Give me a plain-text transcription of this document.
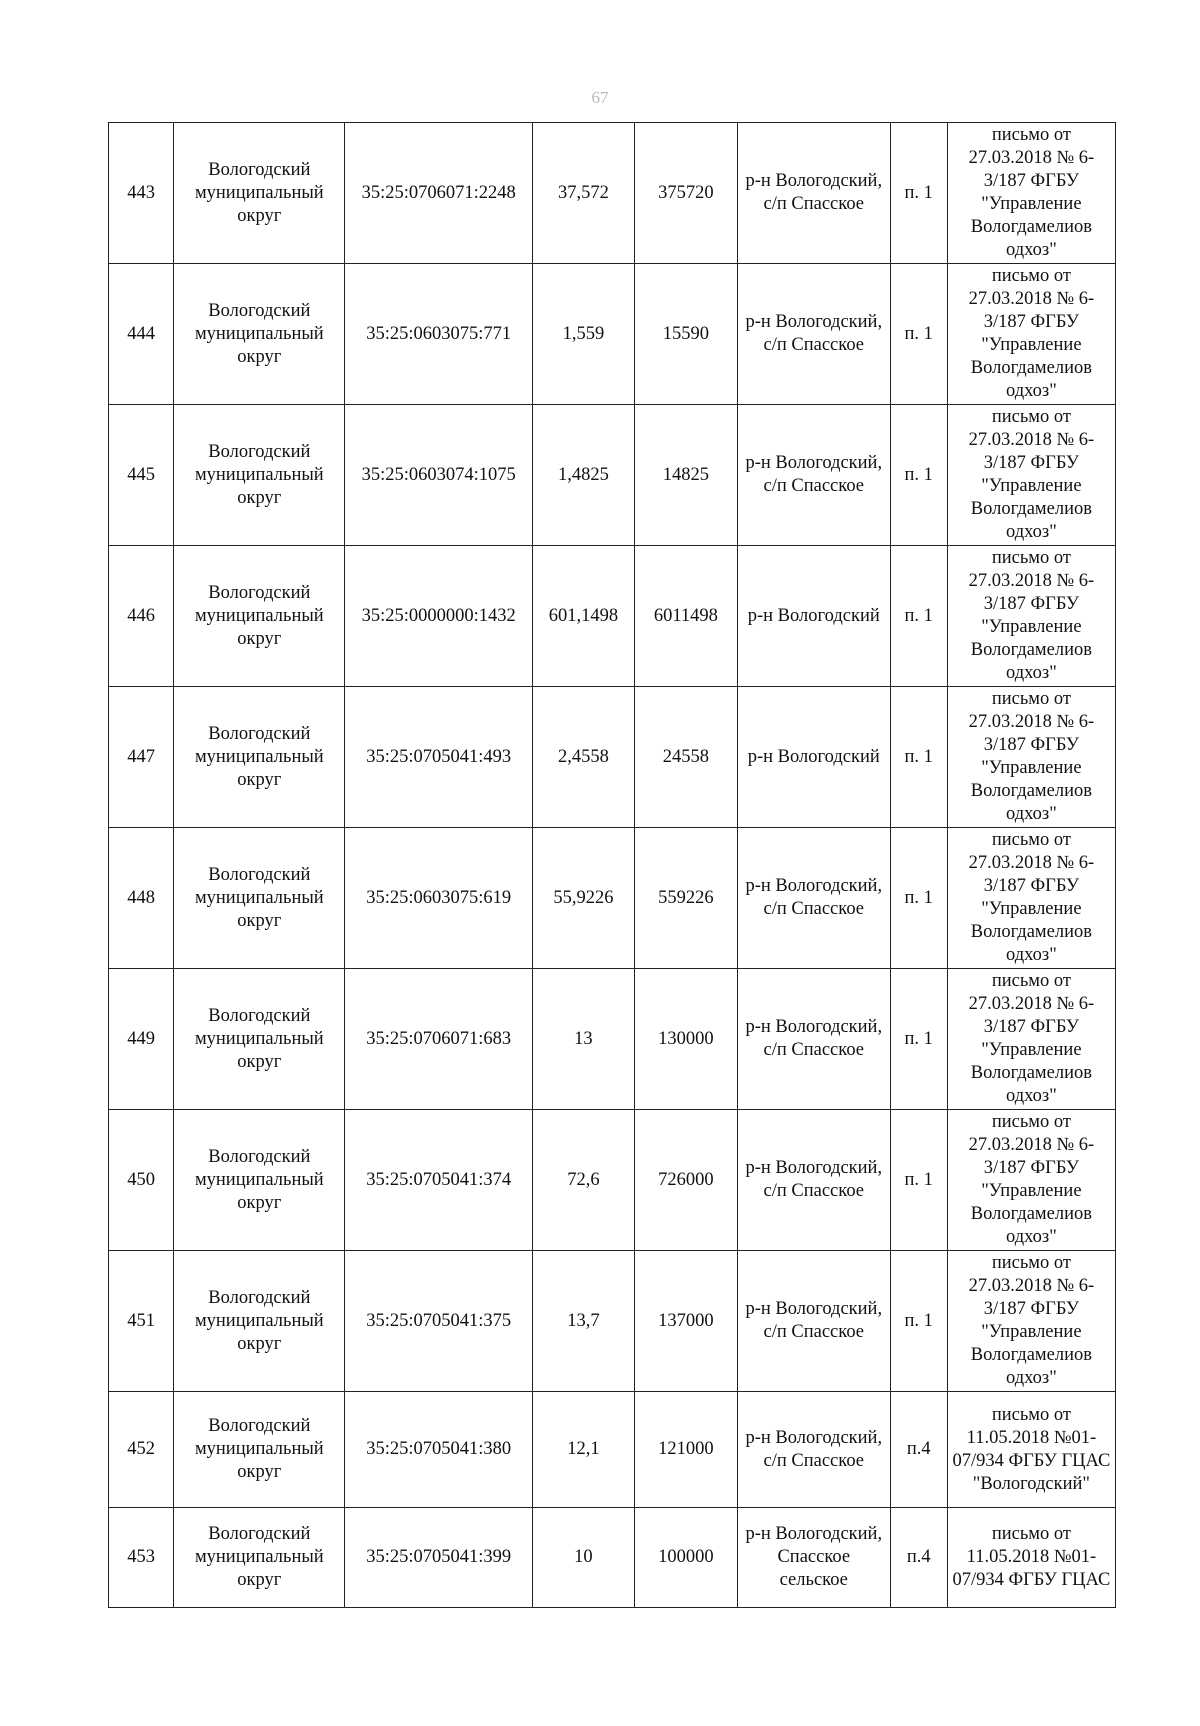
67
443	Вологодский муниципальный округ	35:25:0706071:2248	37,572	375720	р-н Вологодский, с/п Спасское	п. 1	письмо от 27.03.2018 № 6-3/187 ФГБУ "Управление Вологдамелиов одхоз"
444	Вологодский муниципальный округ	35:25:0603075:771	1,559	15590	р-н Вологодский, с/п Спасское	п. 1	письмо от 27.03.2018 № 6-3/187 ФГБУ "Управление Вологдамелиов одхоз"
445	Вологодский муниципальный округ	35:25:0603074:1075	1,4825	14825	р-н Вологодский, с/п Спасское	п. 1	письмо от 27.03.2018 № 6-3/187 ФГБУ "Управление Вологдамелиов одхоз"
446	Вологодский муниципальный округ	35:25:0000000:1432	601,1498	6011498	р-н Вологодский	п. 1	письмо от 27.03.2018 № 6-3/187 ФГБУ "Управление Вологдамелиов одхоз"
447	Вологодский муниципальный округ	35:25:0705041:493	2,4558	24558	р-н Вологодский	п. 1	письмо от 27.03.2018 № 6-3/187 ФГБУ "Управление Вологдамелиов одхоз"
448	Вологодский муниципальный округ	35:25:0603075:619	55,9226	559226	р-н Вологодский, с/п Спасское	п. 1	письмо от 27.03.2018 № 6-3/187 ФГБУ "Управление Вологдамелиов одхоз"
449	Вологодский муниципальный округ	35:25:0706071:683	13	130000	р-н Вологодский, с/п Спасское	п. 1	письмо от 27.03.2018 № 6-3/187 ФГБУ "Управление Вологдамелиов одхоз"
450	Вологодский муниципальный округ	35:25:0705041:374	72,6	726000	р-н Вологодский, с/п Спасское	п. 1	письмо от 27.03.2018 № 6-3/187 ФГБУ "Управление Вологдамелиов одхоз"
451	Вологодский муниципальный округ	35:25:0705041:375	13,7	137000	р-н Вологодский, с/п Спасское	п. 1	письмо от 27.03.2018 № 6-3/187 ФГБУ "Управление Вологдамелиов одхоз"
452	Вологодский муниципальный округ	35:25:0705041:380	12,1	121000	р-н Вологодский, с/п Спасское	п.4	письмо от 11.05.2018 №01-07/934 ФГБУ ГЦАС "Вологодский"
453	Вологодский муниципальный округ	35:25:0705041:399	10	100000	р-н Вологодский, Спасское сельское	п.4	письмо от 11.05.2018 №01-07/934 ФГБУ ГЦАС
